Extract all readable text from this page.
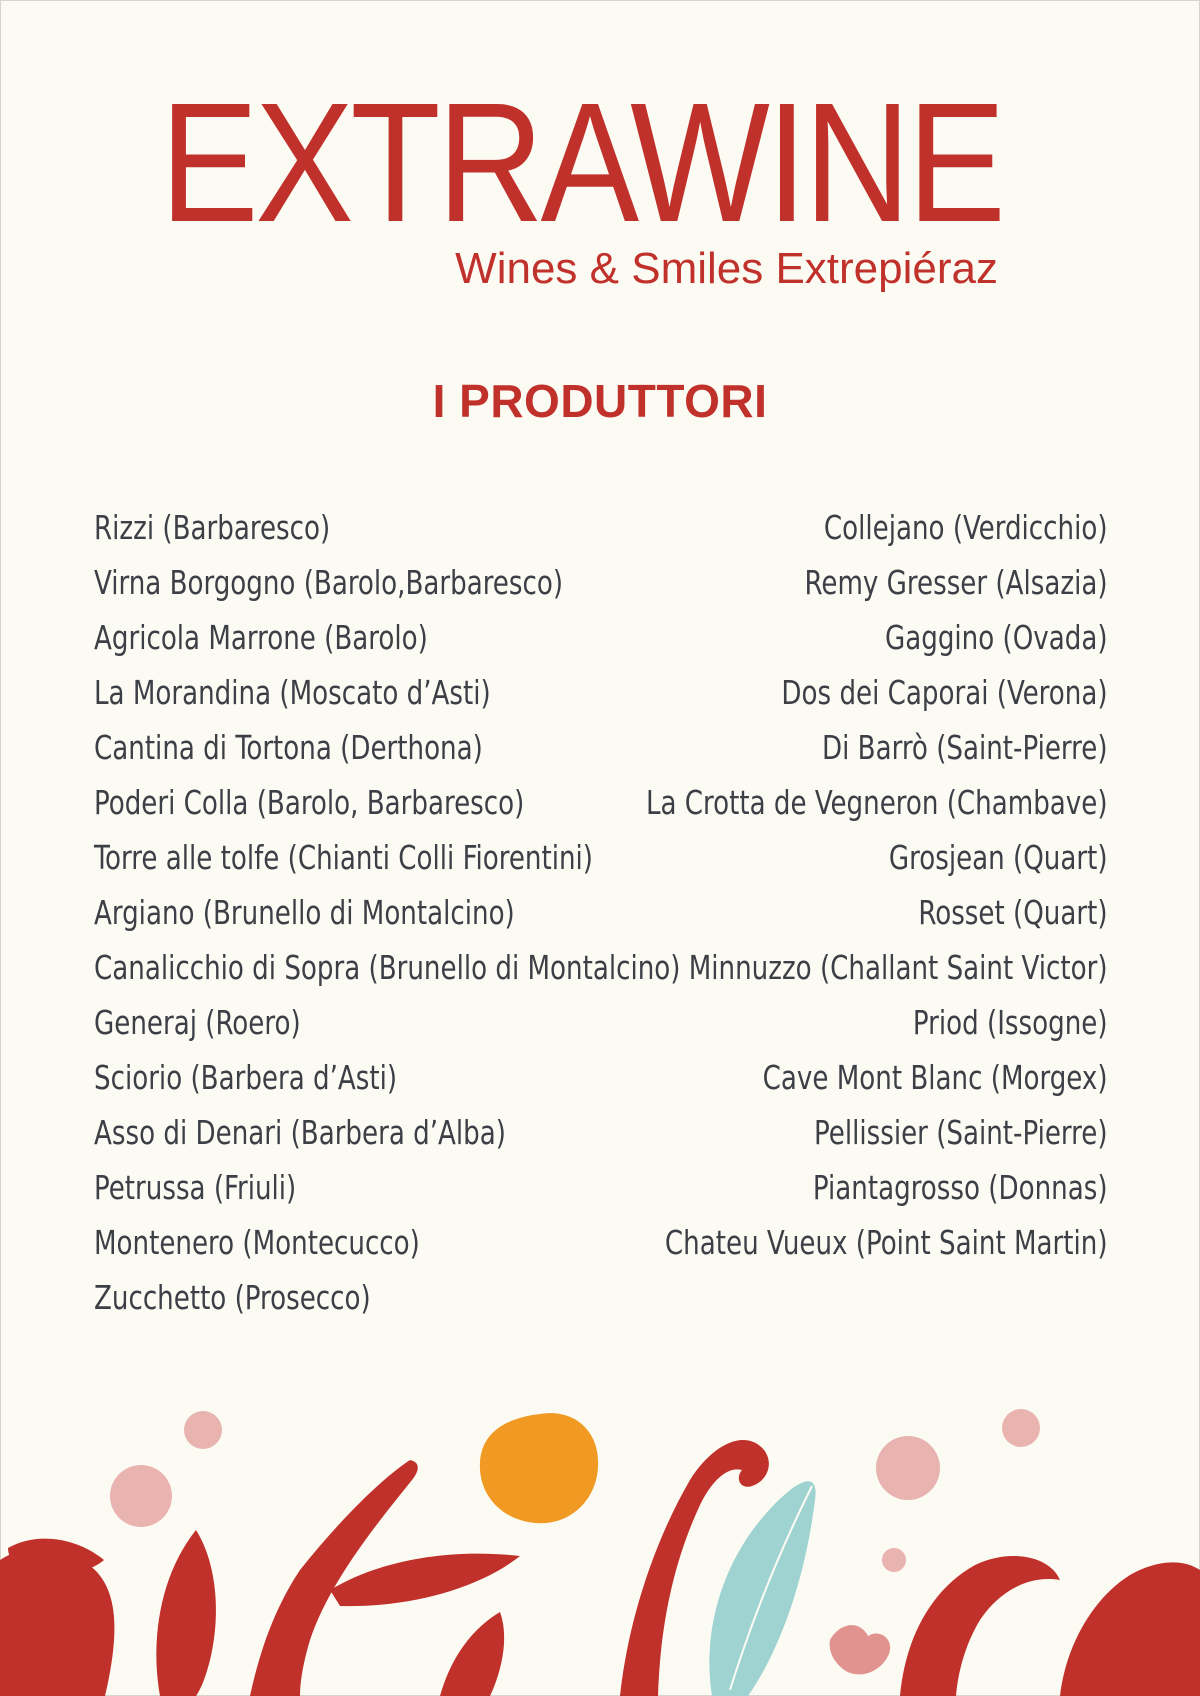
EXTRAWINE
Wines & Smiles Extrepiéraz
I PRODUTTORI
Rizzi (Barbaresco)
Virna Borgogno (Barolo,Barbaresco)
Agricola Marrone (Barolo)
La Morandina (Moscato d’Asti)
Cantina di Tortona (Derthona)
Poderi Colla (Barolo, Barbaresco)
Torre alle tolfe (Chianti Colli Fiorentini)
Argiano (Brunello di Montalcino)
Canalicchio di Sopra (Brunello di Montalcino)
Generaj (Roero)
Sciorio (Barbera d’Asti)
Asso di Denari (Barbera d’Alba)
Petrussa (Friuli)
Montenero (Montecucco)
Zucchetto (Prosecco)
Collejano (Verdicchio)
Remy Gresser (Alsazia)
Gaggino (Ovada)
Dos dei Caporai (Verona)
Di Barrò (Saint-Pierre)
La Crotta de Vegneron (Chambave)
Grosjean (Quart)
Rosset (Quart)
Minnuzzo (Challant Saint Victor)
Priod (Issogne)
Cave Mont Blanc (Morgex)
Pellissier (Saint-Pierre)
Piantagrosso (Donnas)
Chateu Vueux (Point Saint Martin)
